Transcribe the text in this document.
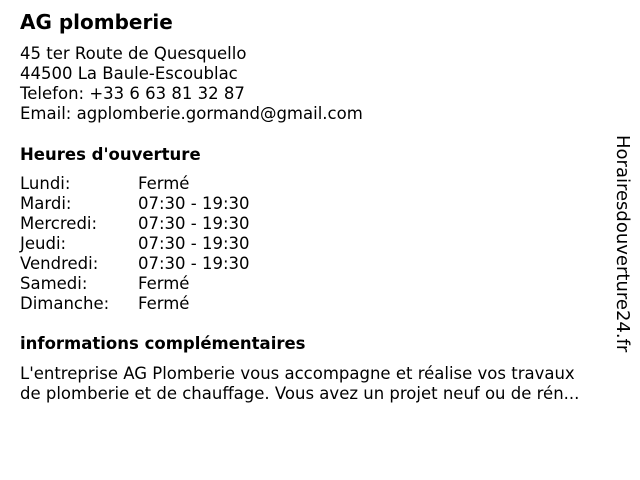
AG plomberie
45 ter Route de Quesquello
44500 La Baule-Escoublac
Telefon: +33 6 63 81 32 87
Email: agplomberie.gormand@gmail.com
Heures d'ouverture
Lundi:	Fermé
Mardi:	07:30 - 19:30
Mercredi: 07:30 - 19:30
Jeudi:	07:30 - 19:30
Vendredi: 07:30 - 19:30
Samedi:	Fermé
Dimanche: Fermé
informations complémentaires
L'entreprise AG Plomberie vous accompagne et réalise vos travaux
de plomberie et de chauffage. Vous avez un projet neuf ou de rén...
Horairesdouverture24.fr
